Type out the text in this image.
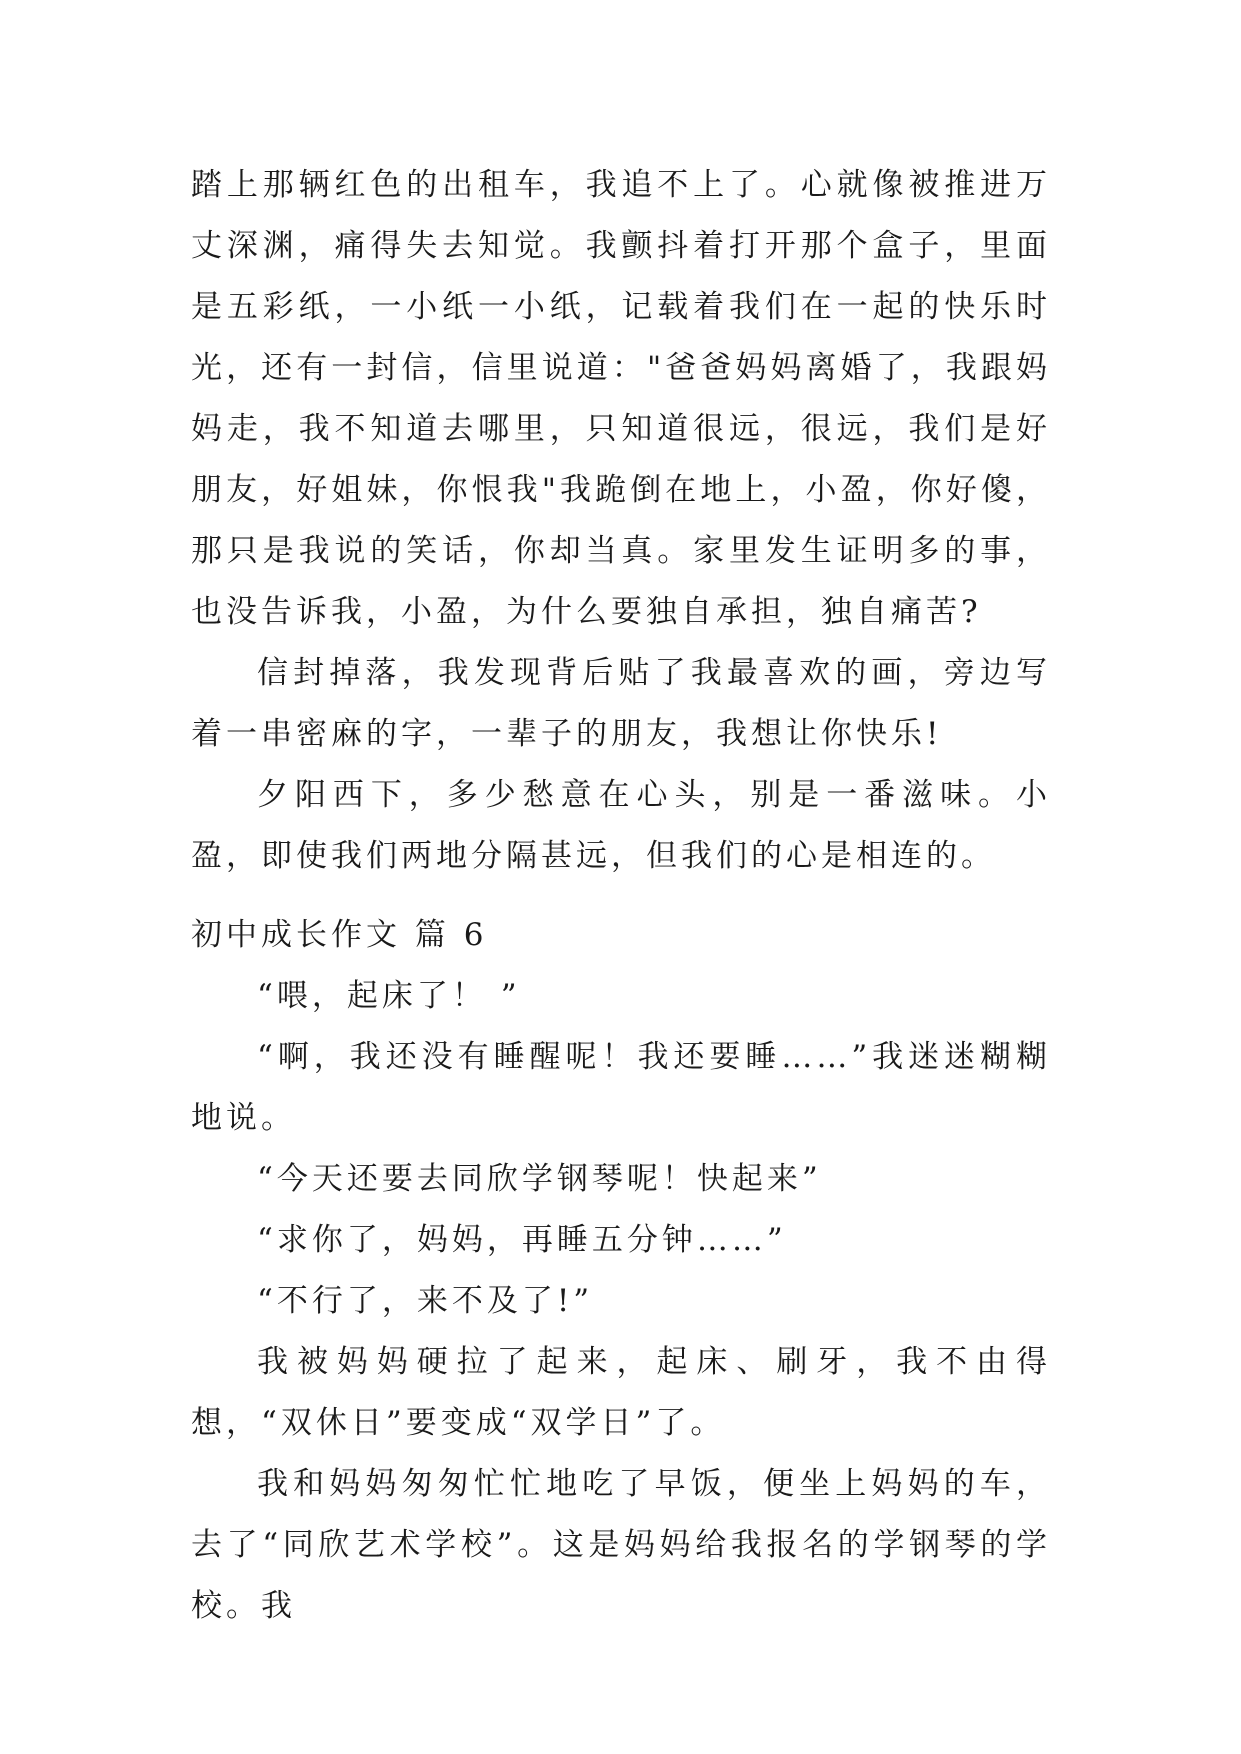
踏上那辆红色的出租车，我追不上了。心就像被推进万丈深渊，痛得失去知觉。我颤抖着打开那个盒子，里面是五彩纸，一小纸一小纸，记载着我们在一起的快乐时光，还有一封信，信里说道："爸爸妈妈离婚了，我跟妈妈走，我不知道去哪里，只知道很远，很远，我们是好朋友，好姐妹，你恨我"我跪倒在地上，小盈，你好傻，那只是我说的笑话，你却当真。家里发生证明多的事，也没告诉我，小盈，为什么要独自承担，独自痛苦?

信封掉落，我发现背后贴了我最喜欢的画，旁边写着一串密麻的字，一辈子的朋友，我想让你快乐!

夕阳西下，多少愁意在心头，别是一番滋味。小盈，即使我们两地分隔甚远，但我们的心是相连的。

初中成长作文 篇 6

“喂，起床了！ ”

“啊，我还没有睡醒呢！我还要睡……”我迷迷糊糊地说。

“今天还要去同欣学钢琴呢！快起来”

“求你了，妈妈，再睡五分钟……”

“不行了，来不及了!”

我被妈妈硬拉了起来，起床、刷牙，我不由得想，“双休日”要变成“双学日”了。

我和妈妈匆匆忙忙地吃了早饭，便坐上妈妈的车，去了“同欣艺术学校”。这是妈妈给我报名的学钢琴的学校。我
